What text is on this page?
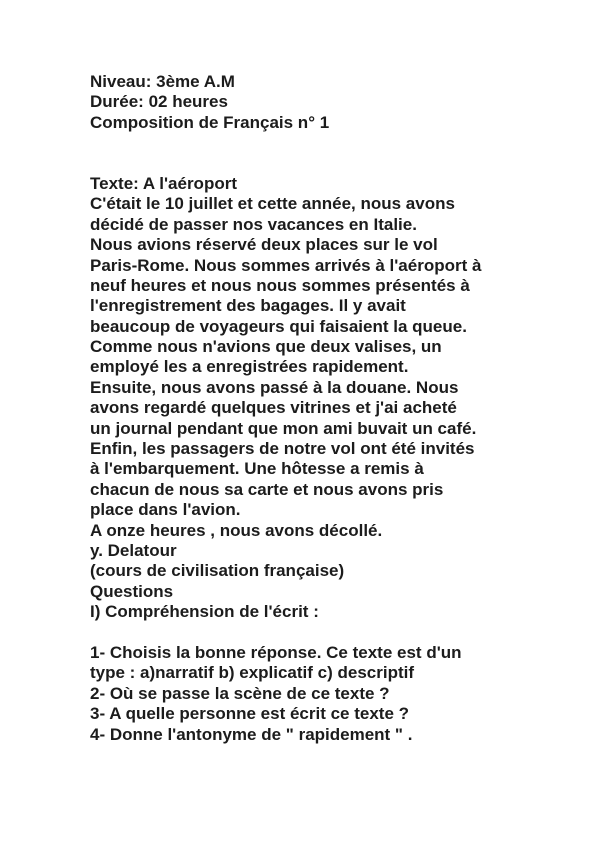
Niveau: 3ème A.M
Durée: 02 heures
Composition de Français n° 1
Texte: A l'aéroport
C'était le 10 juillet et cette année, nous avons
décidé de passer nos vacances en Italie.
Nous avions réservé deux places sur le vol
Paris-Rome. Nous sommes arrivés à l'aéroport à
neuf heures et nous nous sommes présentés à
l'enregistrement des bagages. Il y avait
beaucoup de voyageurs qui faisaient la queue.
Comme nous n'avions que deux valises, un
employé les a enregistrées rapidement.
Ensuite, nous avons passé à la douane. Nous
avons regardé quelques vitrines et j'ai acheté
un journal pendant que mon ami buvait un café.
Enfin, les passagers de notre vol ont été invités
à l'embarquement. Une hôtesse a remis à
chacun de nous sa carte et nous avons pris
place dans l'avion.
A onze heures , nous avons décollé.
y. Delatour
(cours de civilisation française)
Questions
I) Compréhension de l'écrit :
1- Choisis la bonne réponse. Ce texte est d'un
type : a)narratif b) explicatif c) descriptif
2- Où se passe la scène de ce texte ?
3- A quelle personne est écrit ce texte ?
4- Donne l'antonyme de " rapidement " .
